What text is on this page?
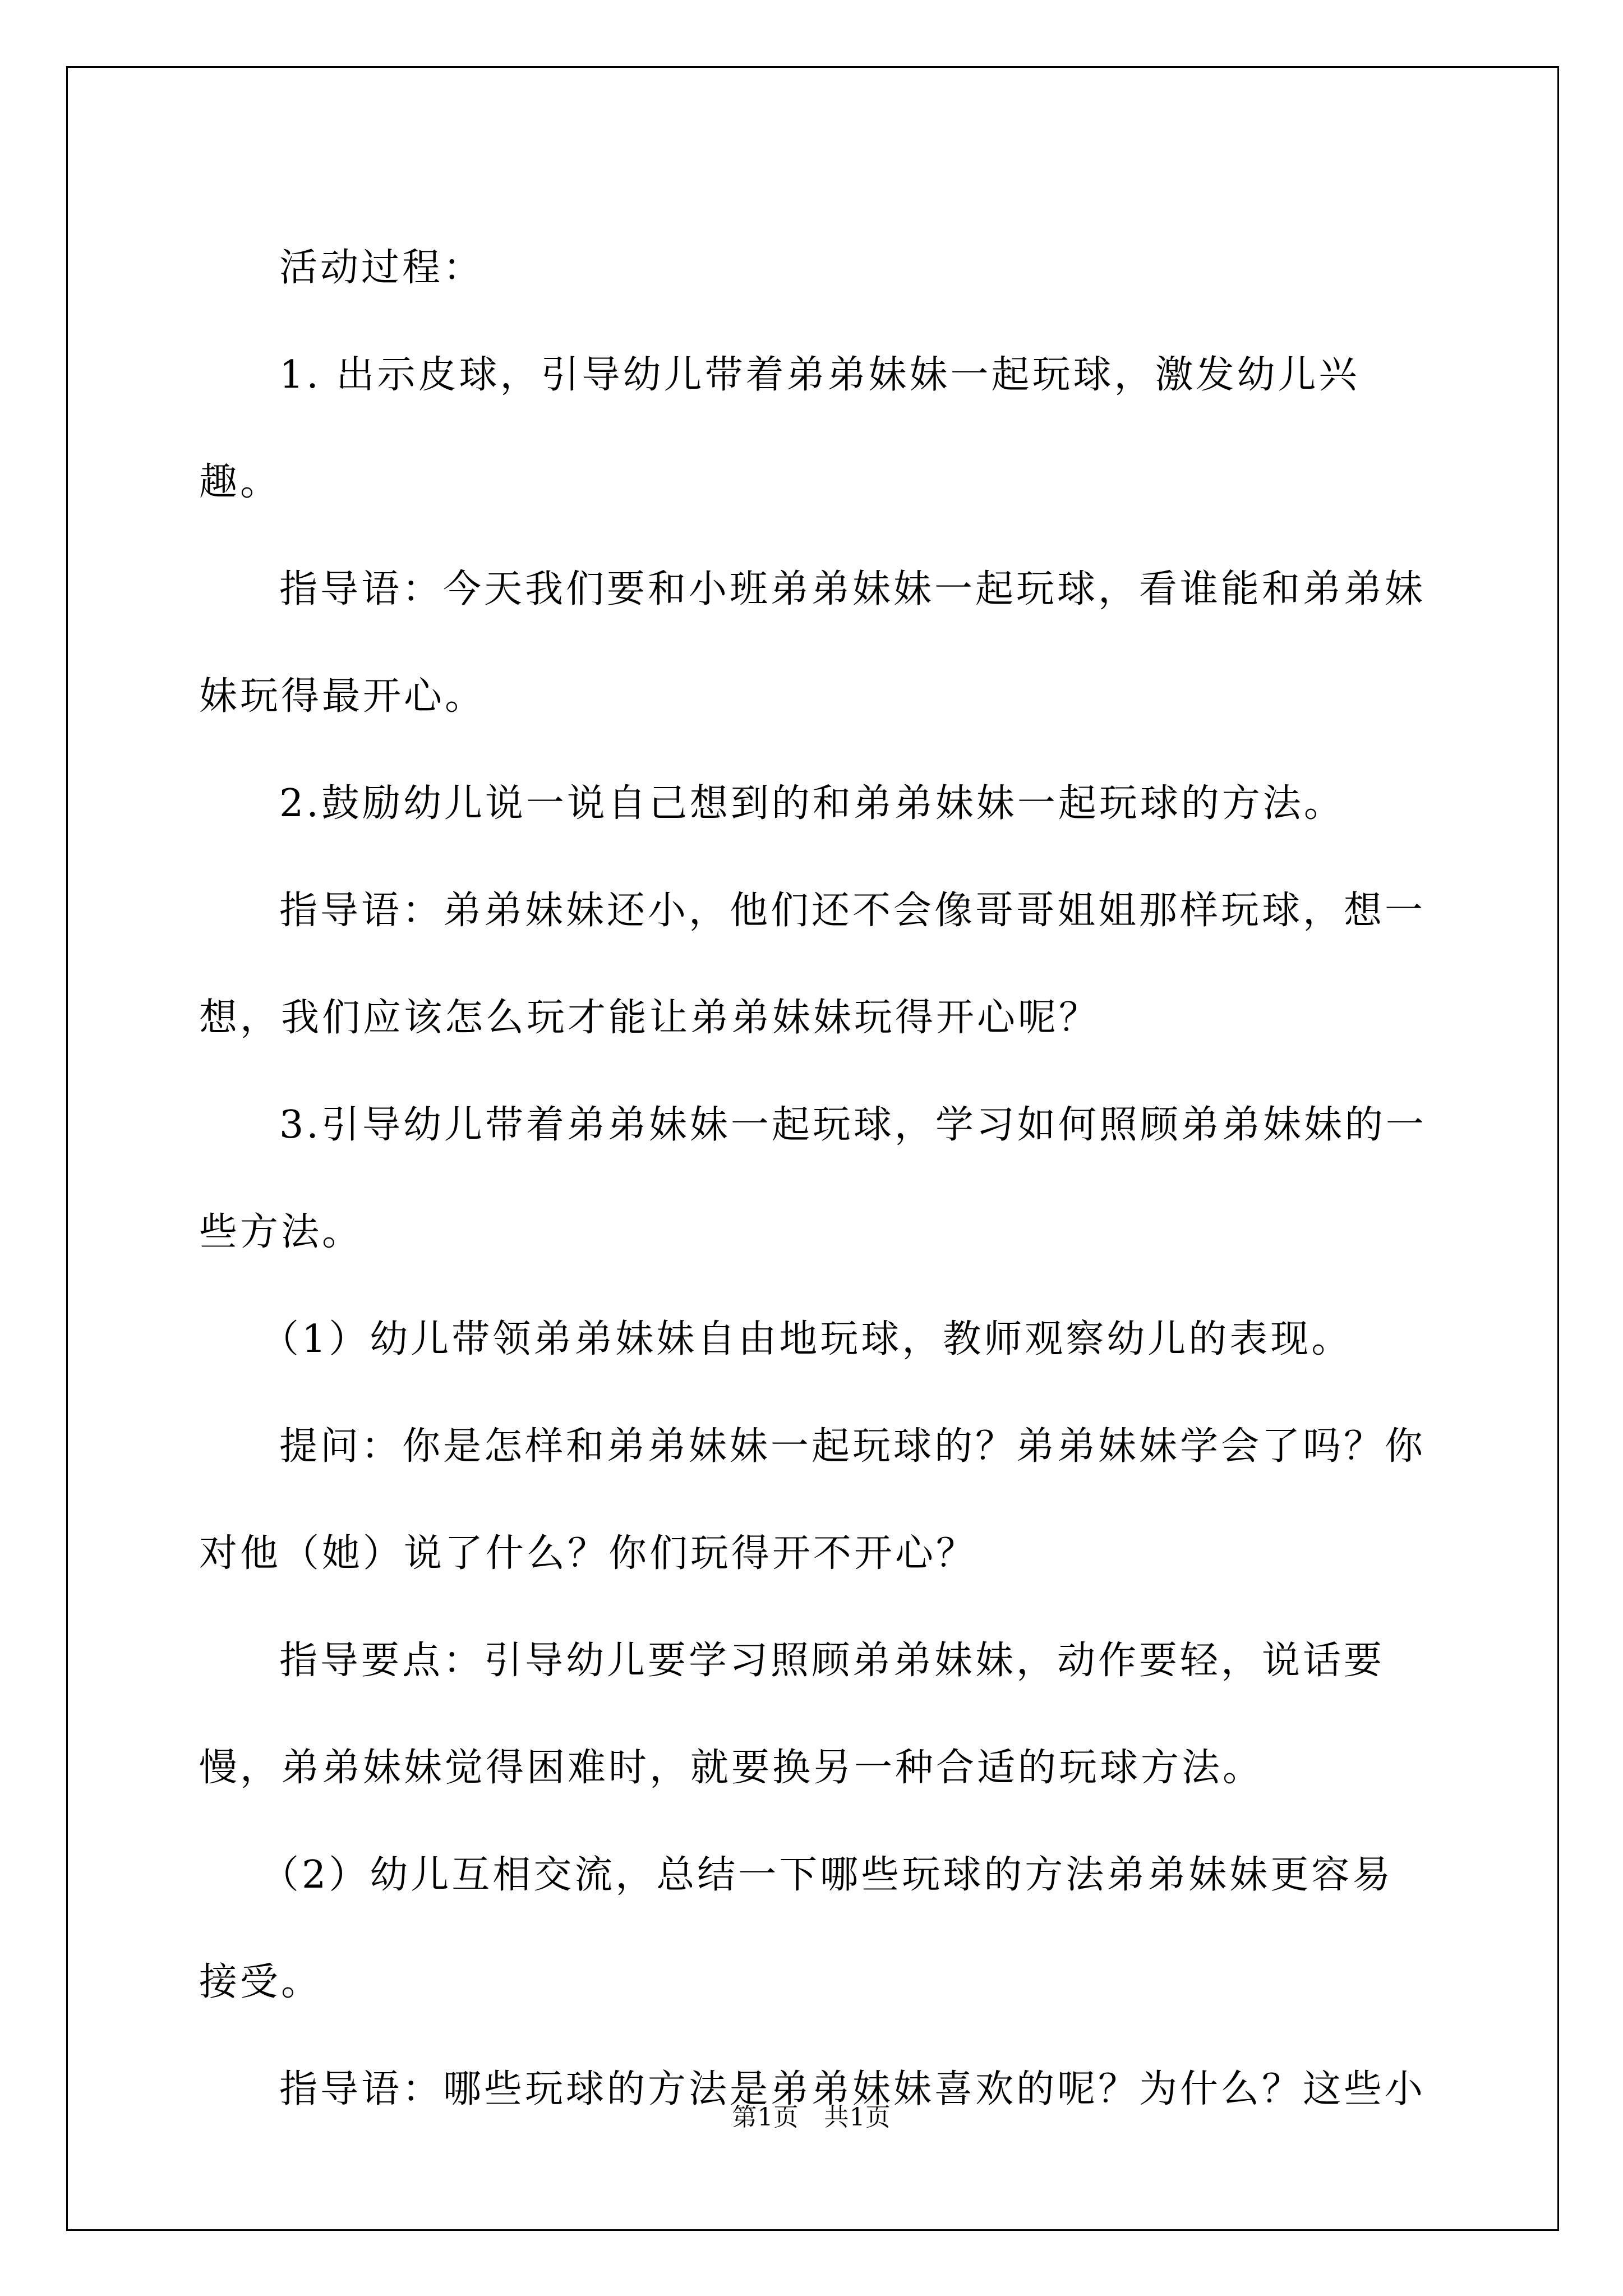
活动过程：

1. 出示皮球，引导幼儿带着弟弟妹妹一起玩球，激发幼儿兴趣。

指导语：今天我们要和小班弟弟妹妹一起玩球，看谁能和弟弟妹妹玩得最开心。

2.鼓励幼儿说一说自己想到的和弟弟妹妹一起玩球的方法。

指导语：弟弟妹妹还小，他们还不会像哥哥姐姐那样玩球，想一想，我们应该怎么玩才能让弟弟妹妹玩得开心呢？

3.引导幼儿带着弟弟妹妹一起玩球，学习如何照顾弟弟妹妹的一些方法。

（1）幼儿带领弟弟妹妹自由地玩球，教师观察幼儿的表现。

提问：你是怎样和弟弟妹妹一起玩球的？弟弟妹妹学会了吗？你对他（她）说了什么？你们玩得开不开心？

指导要点：引导幼儿要学习照顾弟弟妹妹，动作要轻，说话要慢，弟弟妹妹觉得困难时，就要换另一种合适的玩球方法。

（2）幼儿互相交流，总结一下哪些玩球的方法弟弟妹妹更容易接受。

指导语：哪些玩球的方法是弟弟妹妹喜欢的呢？为什么？这些小

第1页　共1页
